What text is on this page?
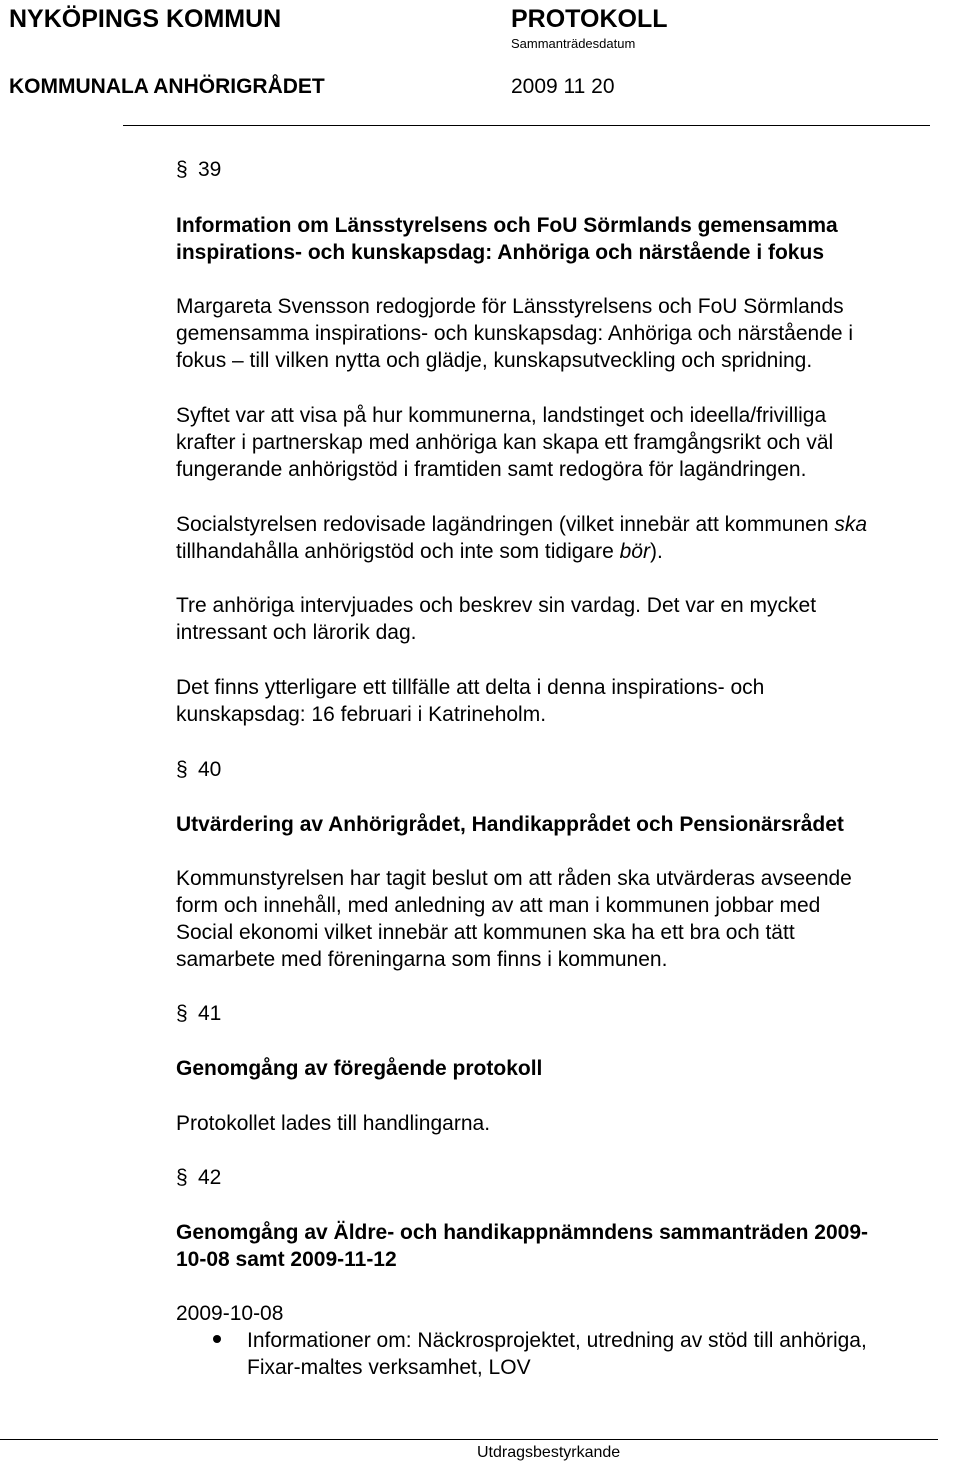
NYKÖPINGS KOMMUN	PROTOKOLL
Sammanträdesdatum
KOMMUNALA ANHÖRIGRÅDET	2009 11 20
§ 39
Information om Länsstyrelsens och FoU Sörmlands gemensamma
inspirations- och kunskapsdag: Anhöriga och närstående i fokus
Margareta Svensson redogjorde för Länsstyrelsens och FoU Sörmlands
gemensamma inspirations- och kunskapsdag: Anhöriga och närstående i
fokus – till vilken nytta och glädje, kunskapsutveckling och spridning.
Syftet var att visa på hur kommunerna, landstinget och ideella/frivilliga
krafter i partnerskap med anhöriga kan skapa ett framgångsrikt och väl
fungerande anhörigstöd i framtiden samt redogöra för lagändringen.
Socialstyrelsen redovisade lagändringen (vilket innebär att kommunen ska
tillhandahålla anhörigstöd och inte som tidigare bör).
Tre anhöriga intervjuades och beskrev sin vardag. Det var en mycket
intressant och lärorik dag.
Det finns ytterligare ett tillfälle att delta i denna inspirations- och
kunskapsdag: 16 februari i Katrineholm.
§ 40
Utvärdering av Anhörigrådet, Handikapprådet och Pensionärsrådet
Kommunstyrelsen har tagit beslut om att råden ska utvärderas avseende
form och innehåll, med anledning av att man i kommunen jobbar med
Social ekonomi vilket innebär att kommunen ska ha ett bra och tätt
samarbete med föreningarna som finns i kommunen.
§ 41
Genomgång av föregående protokoll
Protokollet lades till handlingarna.
§ 42
Genomgång av Äldre- och handikappnämndens sammanträden 2009-
10-08 samt 2009-11-12
2009-10-08
Informationer om: Näckrosprojektet, utredning av stöd till anhöriga,
Fixar-maltes verksamhet, LOV
Utdragsbestyrkande
